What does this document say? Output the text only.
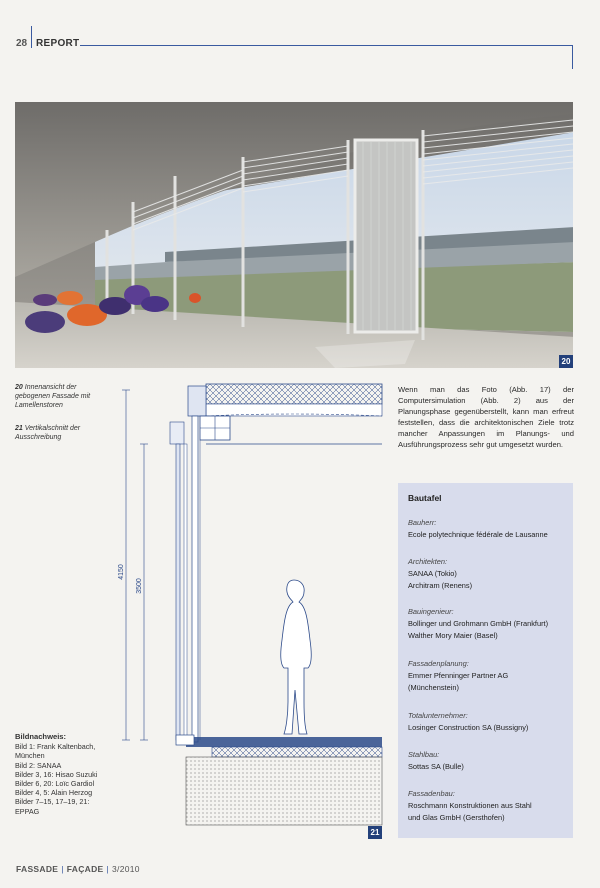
28 REPORT
20
20 Innenansicht der gebogenen Fassade mit Lamellenstoren
21 Vertikalschnitt der Ausschreibung
4150
3500
21
Wenn man das Foto (Abb. 17) der Computersimulation (Abb. 2) aus der Planungsphase gegenüberstellt, kann man erfreut feststellen, dass die architektonischen Ziele trotz mancher Anpassungen im Planungs- und Ausführungsprozess sehr gut umgesetzt wurden.
Bautafel
Bauherr:
Ecole polytechnique fédérale de Lausanne
Architekten:
SANAA (Tokio)
Architram (Renens)
Bauingenieur:
Bollinger und Grohmann GmbH (Frankfurt)
Walther Mory Maier (Basel)
Fassadenplanung:
Emmer Pfenninger Partner AG
(Münchenstein)
Totalunternehmer:
Losinger Construction SA (Bussigny)
Stahlbau:
Sottas SA (Bulle)
Fassadenbau:
Roschmann Konstruktionen aus Stahl
und Glas GmbH (Gersthofen)
Bildnachweis:
Bild 1: Frank Kaltenbach,
München
Bild 2: SANAA
Bilder 3, 16: Hisao Suzuki
Bilder 6, 20: Loïc Gardiol
Bilder 4, 5: Alain Herzog
Bilder 7–15, 17–19, 21:
EPPAG
FASSADE | FAÇADE | 3/2010
